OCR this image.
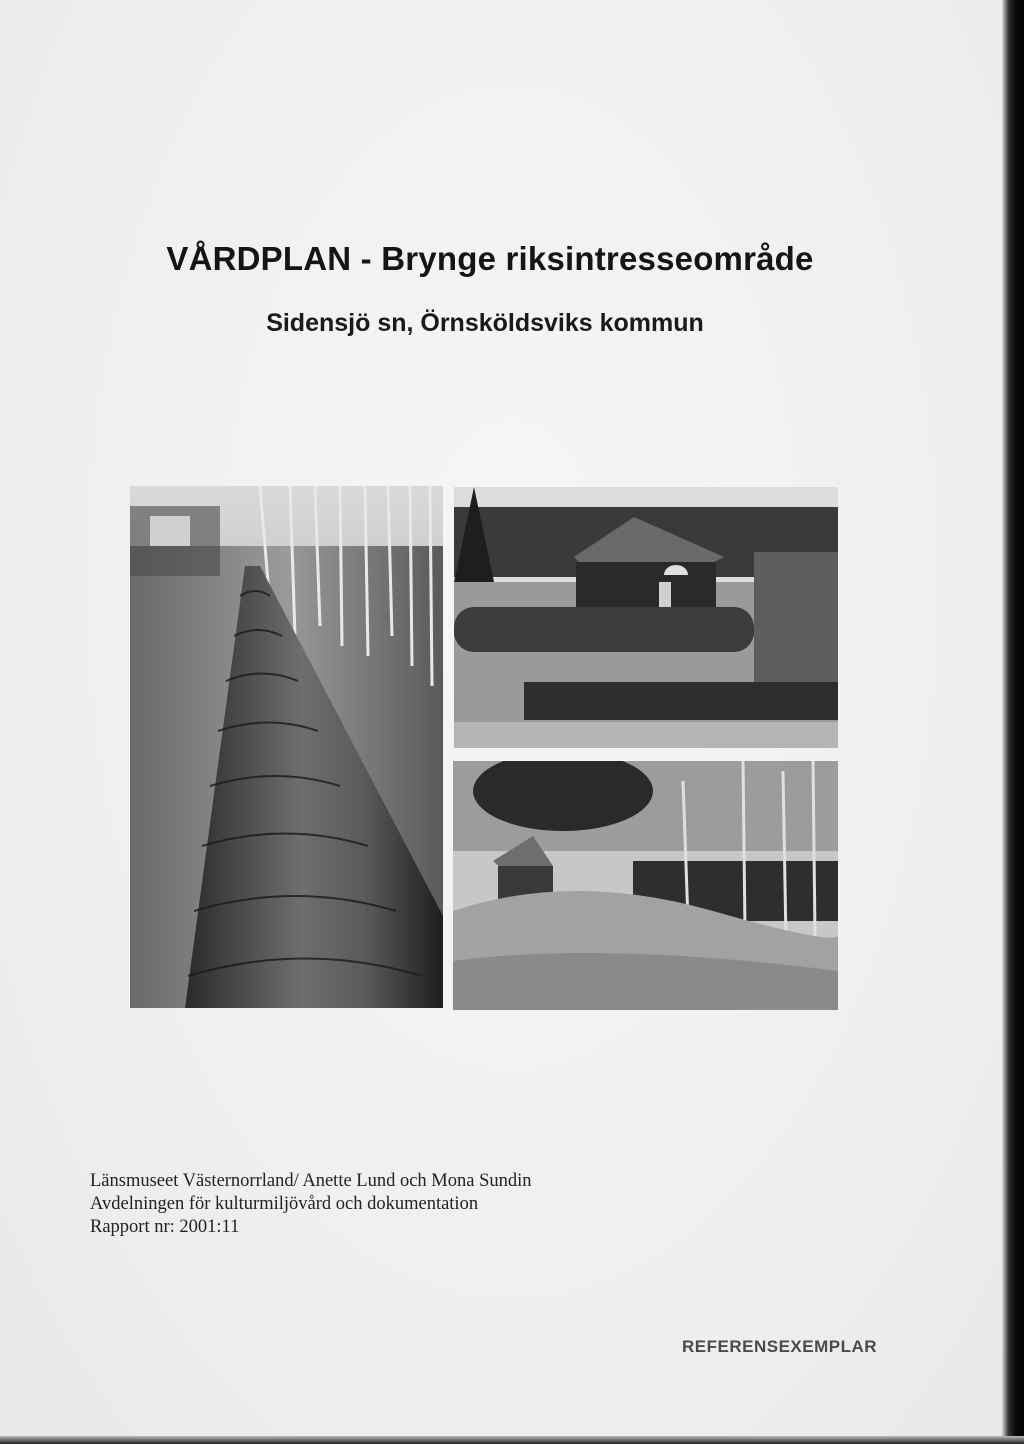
VÅRDPLAN - Brynge riksintresseområde
Sidensjö sn, Örnsköldsviks kommun
Länsmuseet Västernorrland/ Anette Lund och Mona Sundin
Avdelningen för kulturmiljövård och dokumentation
Rapport nr: 2001:11
REFERENSEXEMPLAR
